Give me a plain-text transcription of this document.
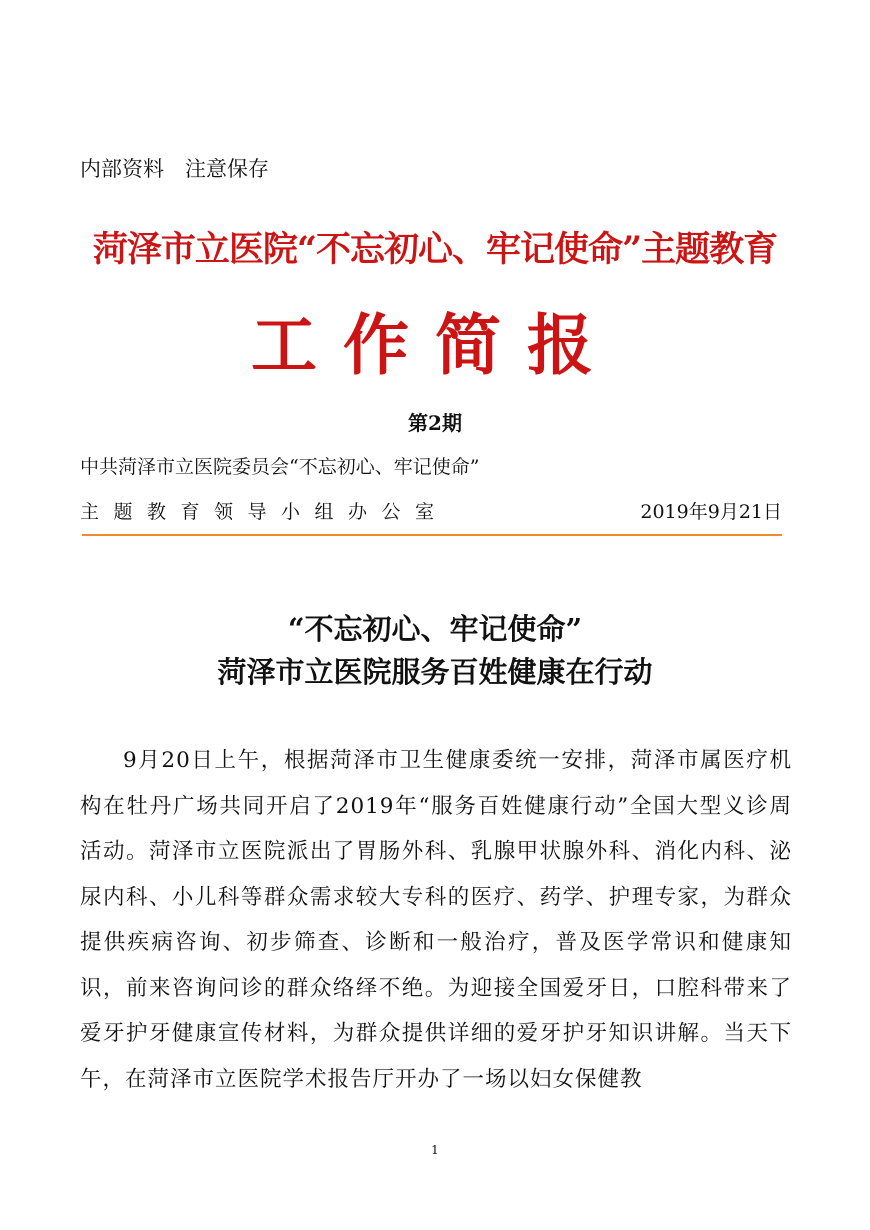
内部资料　注意保存
菏泽市立医院“不忘初心、牢记使命”主题教育
工作简报
第2期
中共菏泽市立医院委员会“不忘初心、牢记使命”
主题教育领导小组办公室	2019年9月21日
“不忘初心、牢记使命”
菏泽市立医院服务百姓健康在行动

9月20日上午，根据菏泽市卫生健康委统一安排，菏泽市属医疗机构在牡丹广场共同开启了2019年“服务百姓健康行动”全国大型义诊周活动。菏泽市立医院派出了胃肠外科、乳腺甲状腺外科、消化内科、泌尿内科、小儿科等群众需求较大专科的医疗、药学、护理专家，为群众提供疾病咨询、初步筛查、诊断和一般治疗，普及医学常识和健康知识，前来咨询问诊的群众络绎不绝。为迎接全国爱牙日，口腔科带来了爱牙护牙健康宣传材料，为群众提供详细的爱牙护牙知识讲解。当天下午，在菏泽市立医院学术报告厅开办了一场以妇女保健教

1
